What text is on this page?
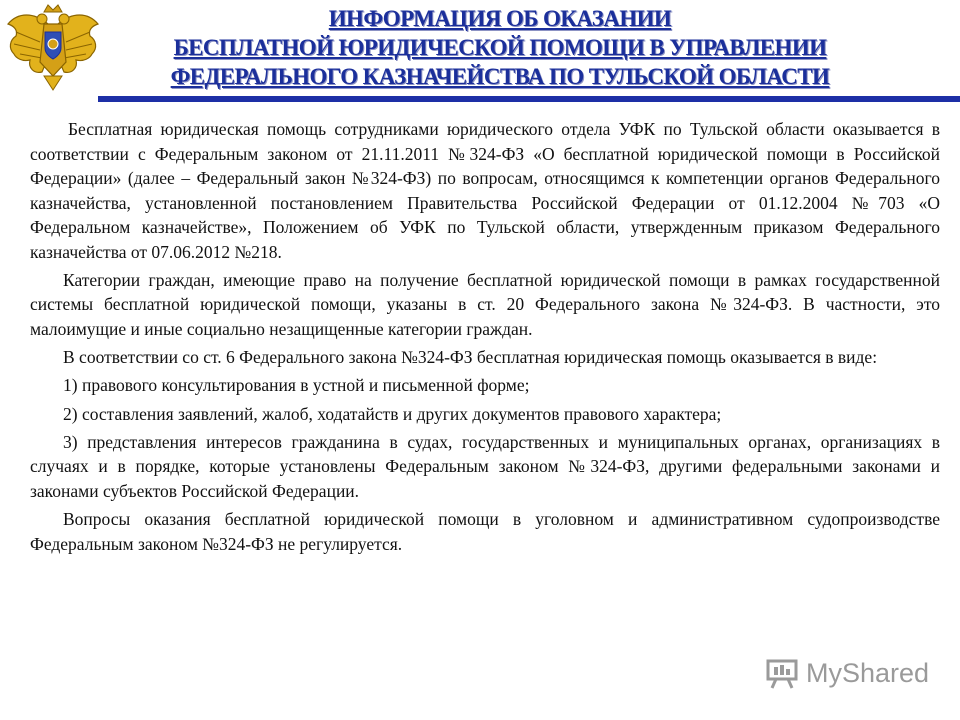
ИНФОРМАЦИЯ ОБ ОКАЗАНИИ
БЕСПЛАТНОЙ ЮРИДИЧЕСКОЙ ПОМОЩИ В УПРАВЛЕНИИ
ФЕДЕРАЛЬНОГО КАЗНАЧЕЙСТВА ПО ТУЛЬСКОЙ ОБЛАСТИ

Бесплатная юридическая помощь сотрудниками юридического отдела УФК по Тульской области оказывается в соответствии с Федеральным законом от 21.11.2011 №324-ФЗ «О бесплатной юридической помощи в Российской Федерации» (далее – Федеральный закон №324-ФЗ) по вопросам, относящимся к компетенции органов Федерального казначейства, установленной постановлением Правительства Российской Федерации от 01.12.2004 №703 «О Федеральном казначействе», Положением об УФК по Тульской области, утвержденным приказом Федерального казначейства от 07.06.2012 №218.

Категории граждан, имеющие право на получение бесплатной юридической помощи в рамках государственной системы бесплатной юридической помощи, указаны в ст. 20 Федерального закона №324-ФЗ. В частности, это малоимущие и иные социально незащищенные категории граждан.

В соответствии со ст. 6 Федерального закона №324-ФЗ бесплатная юридическая помощь оказывается в виде:

1) правового консультирования в устной и письменной форме;

2) составления заявлений, жалоб, ходатайств и других документов правового характера;

3) представления интересов гражданина в судах, государственных и муниципальных органах, организациях в случаях и в порядке, которые установлены Федеральным законом №324-ФЗ, другими федеральными законами и законами субъектов Российской Федерации.

Вопросы оказания бесплатной юридической помощи в уголовном и административном судопроизводстве Федеральным законом №324-ФЗ не регулируется.

MyShared
